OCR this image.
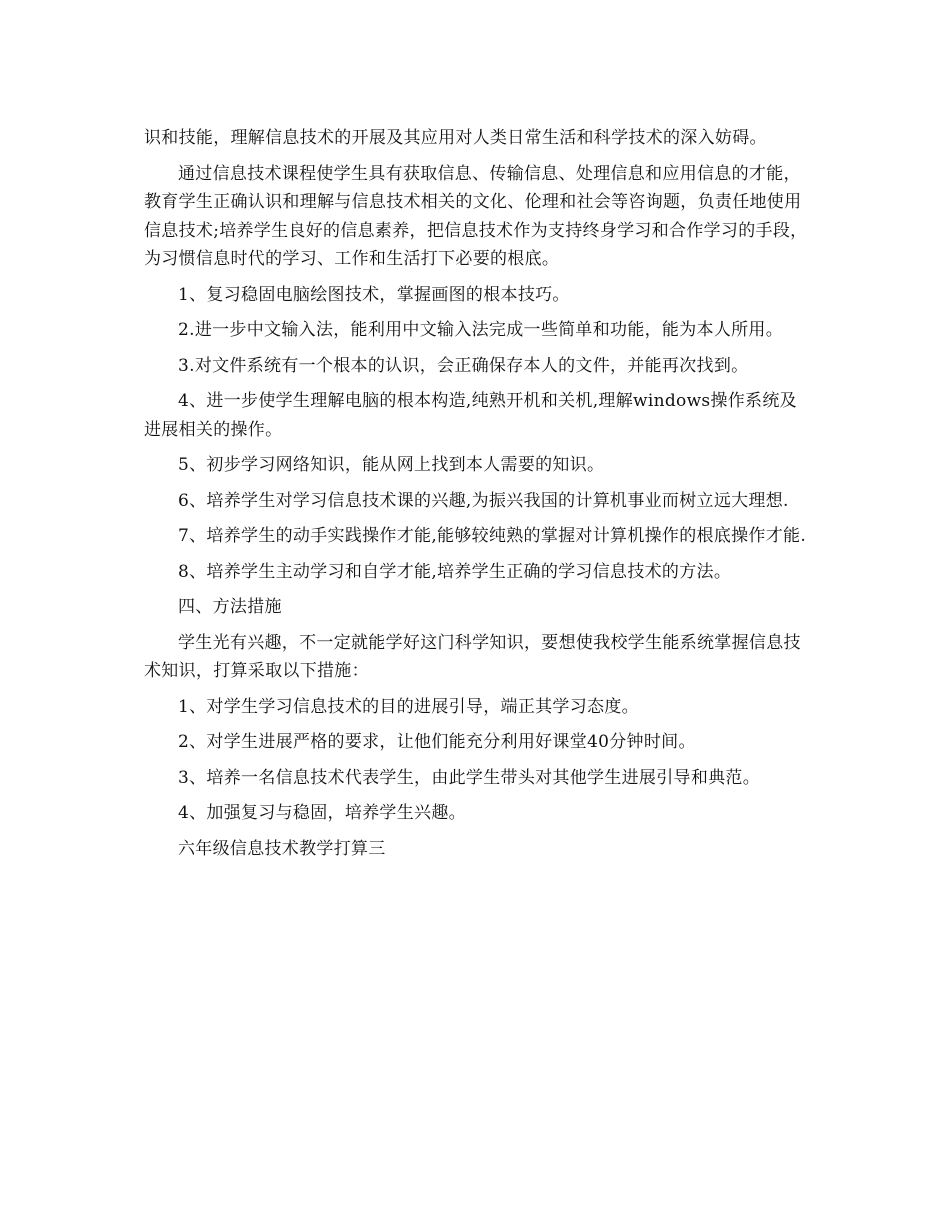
识和技能，理解信息技术的开展及其应用对人类日常生活和科学技术的深入妨碍。

通过信息技术课程使学生具有获取信息、传输信息、处理信息和应用信息的才能，教育学生正确认识和理解与信息技术相关的文化、伦理和社会等咨询题，负责任地使用信息技术;培养学生良好的信息素养，把信息技术作为支持终身学习和合作学习的手段，为习惯信息时代的学习、工作和生活打下必要的根底。

1、复习稳固电脑绘图技术，掌握画图的根本技巧。

2.进一步中文输入法，能利用中文输入法完成一些简单和功能，能为本人所用。

3.对文件系统有一个根本的认识，会正确保存本人的文件，并能再次找到。

4、进一步使学生理解电脑的根本构造,纯熟开机和关机,理解windows操作系统及进展相关的操作。

5、初步学习网络知识，能从网上找到本人需要的知识。

6、培养学生对学习信息技术课的兴趣,为振兴我国的计算机事业而树立远大理想.

7、培养学生的动手实践操作才能,能够较纯熟的掌握对计算机操作的根底操作才能.

8、培养学生主动学习和自学才能,培养学生正确的学习信息技术的方法。

四、方法措施

学生光有兴趣，不一定就能学好这门科学知识，要想使我校学生能系统掌握信息技术知识，打算采取以下措施：

1、对学生学习信息技术的目的进展引导，端正其学习态度。

2、对学生进展严格的要求，让他们能充分利用好课堂40分钟时间。

3、培养一名信息技术代表学生，由此学生带头对其他学生进展引导和典范。

4、加强复习与稳固，培养学生兴趣。

六年级信息技术教学打算三
